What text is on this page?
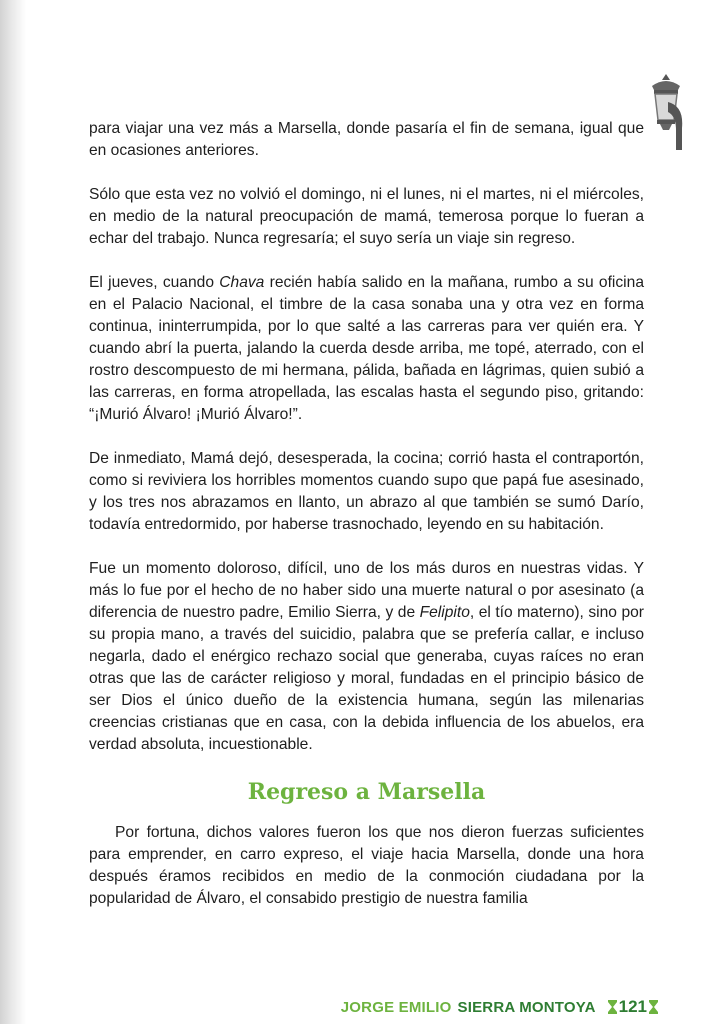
para viajar una vez más a Marsella, donde pasaría el fin de semana, igual que en ocasiones anteriores.

Sólo que esta vez no volvió el domingo, ni el lunes, ni el martes, ni el miércoles, en medio de la natural preocupación de mamá, temerosa porque lo fueran a echar del trabajo. Nunca regresaría; el suyo sería un viaje sin regreso.

El jueves, cuando Chava recién había salido en la mañana, rumbo a su oficina en el Palacio Nacional, el timbre de la casa sonaba una y otra vez en forma continua, ininterrumpida, por lo que salté a las carreras para ver quién era. Y cuando abrí la puerta, jalando la cuerda desde arriba, me topé, aterrado, con el rostro descompuesto de mi hermana, pálida, bañada en lágrimas, quien subió a las carreras, en forma atropellada, las escalas hasta el segundo piso, gritando: “¡Murió Álvaro! ¡Murió Álvaro!”.

De inmediato, Mamá dejó, desesperada, la cocina; corrió hasta el contraportón, como si reviviera los horribles momentos cuando supo que papá fue asesinado, y los tres nos abrazamos en llanto, un abrazo al que también se sumó Darío, todavía entredormido, por haberse trasnochado, leyendo en su habitación.

Fue un momento doloroso, difícil, uno de los más duros en nuestras vidas. Y más lo fue por el hecho de no haber sido una muerte natural o por asesinato (a diferencia de nuestro padre, Emilio Sierra, y de Felipito, el tío materno), sino por su propia mano, a través del suicidio, palabra que se prefería callar, e incluso negarla, dado el enérgico rechazo social que generaba, cuyas raíces no eran otras que las de carácter religioso y moral, fundadas en el principio básico de ser Dios el único dueño de la existencia humana, según las milenarias creencias cristianas que en casa, con la debida influencia de los abuelos, era verdad absoluta, incuestionable.

Regreso a Marsella

Por fortuna, dichos valores fueron los que nos dieron fuerzas suficientes para emprender, en carro expreso, el viaje hacia Marsella, donde una hora después éramos recibidos en medio de la conmoción ciudadana por la popularidad de Álvaro, el consabido prestigio de nuestra familia

JORGE EMILIO SIERRA MONTOYA 121
